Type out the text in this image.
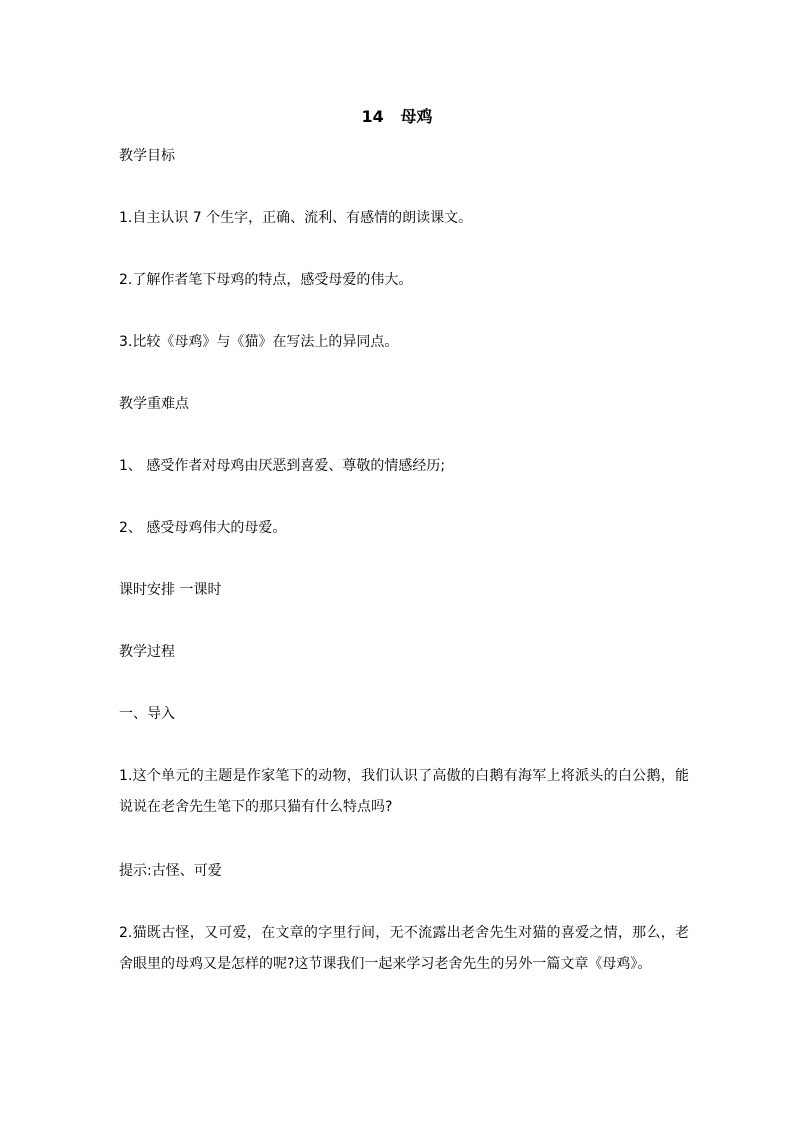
14   母鸡
教学目标
1.自主认识 7 个生字，正确、流利、有感情的朗读课文。
2.了解作者笔下母鸡的特点，感受母爱的伟大。
3.比较《母鸡》与《猫》在写法上的异同点。
教学重难点
1、 感受作者对母鸡由厌恶到喜爱、尊敬的情感经历;
2、 感受母鸡伟大的母爱。
课时安排 一课时
教学过程
一、导入
1.这个单元的主题是作家笔下的动物，我们认识了高傲的白鹅有海军上将派头的白公鹅，能说说在老舍先生笔下的那只猫有什么特点吗?
提示:古怪、可爱
2.猫既古怪，又可爱，在文章的字里行间，无不流露出老舍先生对猫的喜爱之情，那么，老舍眼里的母鸡又是怎样的呢?这节课我们一起来学习老舍先生的另外一篇文章《母鸡》。
